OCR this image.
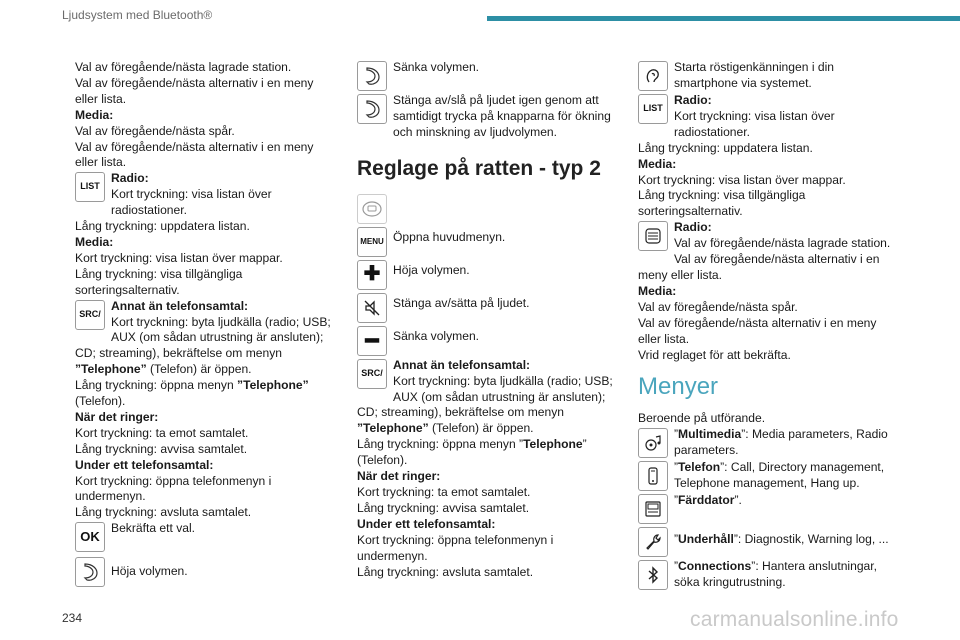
Ljudsystem med Bluetooth®

Val av föregående/nästa lagrade station.

Val av föregående/nästa alternativ i en meny eller lista.

Media:

Val av föregående/nästa spår.

Val av föregående/nästa alternativ i en meny eller lista.

LIST

Radio:

Kort tryckning: visa listan över radiostationer.

Lång tryckning: uppdatera listan.

Media:

Kort tryckning: visa listan över mappar.

Lång tryckning: visa tillgängliga sorteringsalternativ.

SRC /

Annat än telefonsamtal:

Kort tryckning: byta ljudkälla (radio; USB; AUX (om sådan utrustning är ansluten); CD; streaming), bekräftelse om menyn ”Telephone” (Telefon) är öppen.

Lång tryckning: öppna menyn ”Telephone” (Telefon).

När det ringer:

Kort tryckning: ta emot samtalet.

Lång tryckning: avvisa samtalet.

Under ett telefonsamtal:

Kort tryckning: öppna telefonmenyn i undermenyn.

Lång tryckning: avsluta samtalet.

OK

Bekräfta ett val.

Höja volymen.

Sänka volymen.

Stänga av/slå på ljudet igen genom att samtidigt trycka på knapparna för ökning och minskning av ljudvolymen.

Reglage på ratten - typ 2
MENU Öppna huvudmenyn.

✚	Höja volymen.

Stänga av/sätta på ljudet.

━	Sänka volymen.

SRC /

Annat än telefonsamtal:

Kort tryckning: byta ljudkälla (radio; USB; AUX (om sådan utrustning är ansluten); CD; streaming), bekräftelse om menyn ”Telephone” (Telefon) är öppen.

Lång tryckning: öppna menyn ”Telephone” (Telefon).

När det ringer:

Kort tryckning: ta emot samtalet.

Lång tryckning: avvisa samtalet.

Under ett telefonsamtal:

Kort tryckning: öppna telefonmenyn i undermenyn.

Lång tryckning: avsluta samtalet.

Starta röstigenkänningen i din smartphone via systemet.

LIST

Radio:

Kort tryckning: visa listan över radiostationer.

Lång tryckning: uppdatera listan.

Media:

Kort tryckning: visa listan över mappar.

Lång tryckning: visa tillgängliga sorteringsalternativ.

Radio:

Val av föregående/nästa lagrade station.

Val av föregående/nästa alternativ i en meny eller lista.

Media:

Val av föregående/nästa spår.

Val av föregående/nästa alternativ i en meny eller lista.

Vrid reglaget för att bekräfta.

Menyer

Beroende på utförande.

”Multimedia”: Media parameters, Radio parameters.

”Telefon”: Call, Directory management, Telephone management, Hang up.

”Färddator”.

”Underhåll”: Diagnostik, Warning log, ...

”Connections”: Hantera anslutningar, söka kringutrustning.

234	carmanualsonline.info
